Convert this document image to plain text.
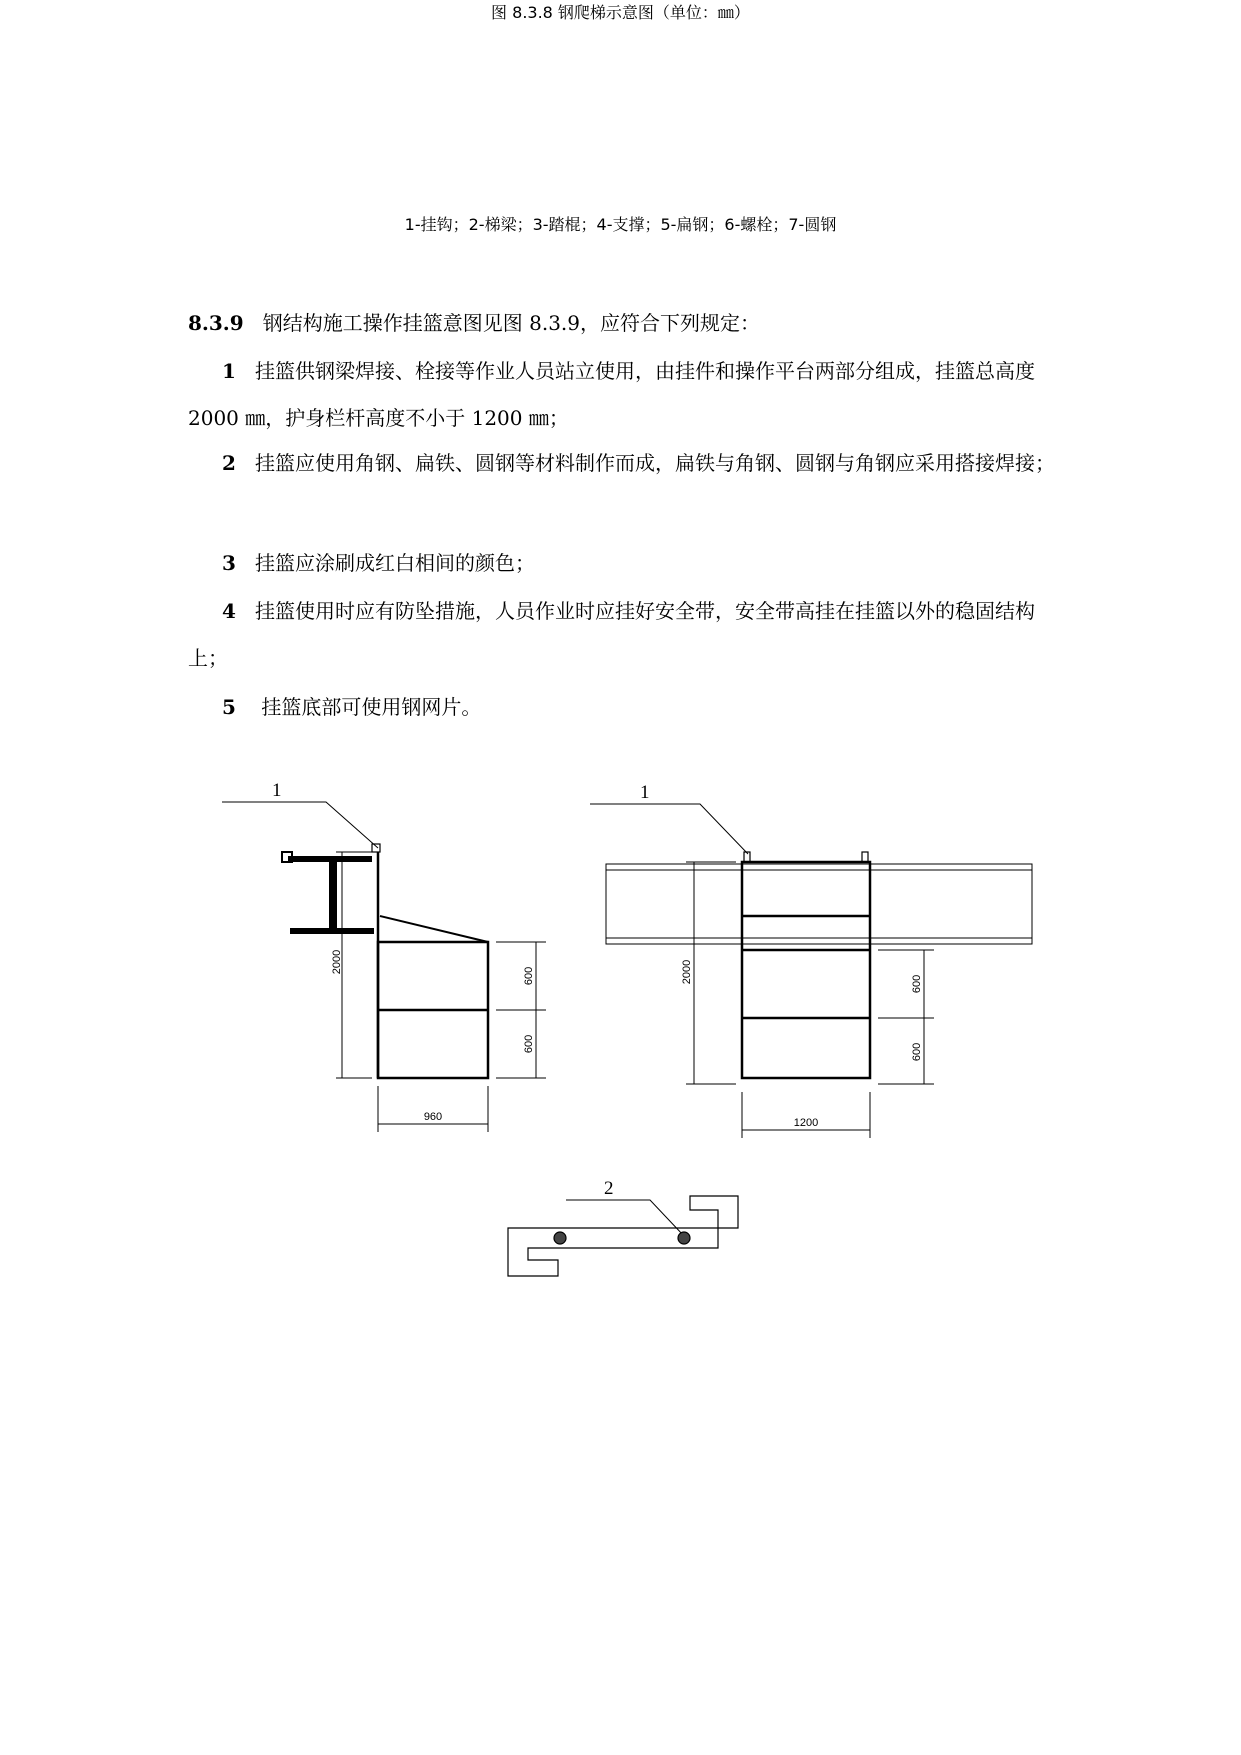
图 8.3.8 钢爬梯示意图（单位：㎜）
1-挂钩；2-梯梁；3-踏棍；4-支撑；5-扁钢；6-螺栓；7-圆钢

8.3.9 钢结构施工操作挂篮意图见图 8.3.9，应符合下列规定：

1 挂篮供钢梁焊接、栓接等作业人员站立使用，由挂件和操作平台两部分组成，挂篮总高度 2000 ㎜，护身栏杆高度不小于 1200 ㎜；

2 挂篮应使用角钢、扁铁、圆钢等材料制作而成，扁铁与角钢、圆钢与角钢应采用搭接焊接；

3 挂篮应涂刷成红白相间的颜色；

4 挂篮使用时应有防坠措施，人员作业时应挂好安全带，安全带高挂在挂篮以外的稳固结构上；

5    挂篮底部可使用钢网片。

1
2000
600
600
960
1
2000	600
600
1200
2
